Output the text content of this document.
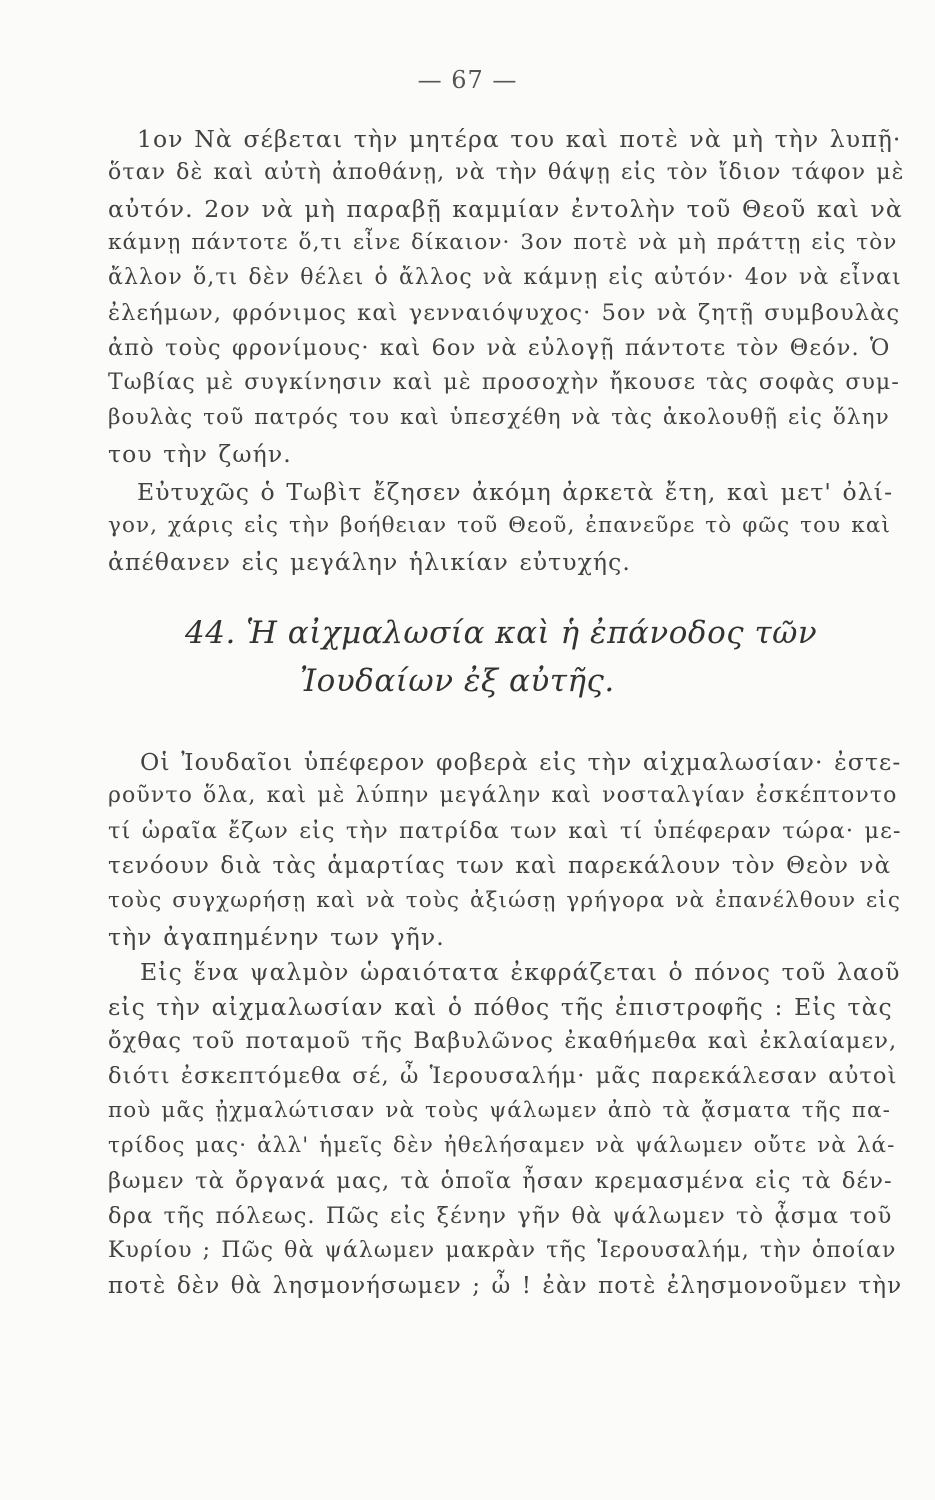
— 67 —
1ον Νὰ σέβεται τὴν μητέρα του καὶ ποτὲ νὰ μὴ τὴν λυπῇ·
ὅταν δὲ καὶ αὐτὴ ἀποθάνῃ, νὰ τὴν θάψῃ εἰς τὸν ἴδιον τάφον μὲ
αὐτόν. 2ον νὰ μὴ παραβῇ καμμίαν ἐντολὴν τοῦ Θεοῦ καὶ νὰ
κάμνῃ πάντοτε ὅ,τι εἶνε δίκαιον· 3ον ποτὲ νὰ μὴ πράττῃ εἰς τὸν
ἄλλον ὅ,τι δὲν θέλει ὁ ἄλλος νὰ κάμνῃ εἰς αὐτόν· 4ον νὰ εἶναι
ἐλεήμων, φρόνιμος καὶ γενναιόψυχος· 5ον νὰ ζητῇ συμβουλὰς
ἀπὸ τοὺς φρονίμους· καὶ 6ον νὰ εὐλογῇ πάντοτε τὸν Θεόν. Ὁ
Τωβίας μὲ συγκίνησιν καὶ μὲ προσοχὴν ἤκουσε τὰς σοφὰς συμ-
βουλὰς τοῦ πατρός του καὶ ὑπεσχέθη νὰ τὰς ἀκολουθῇ εἰς ὅλην
του τὴν ζωήν.
Εὐτυχῶς ὁ Τωβὶτ ἔζησεν ἀκόμη ἀρκετὰ ἔτη, καὶ μετ' ὀλί-
γον, χάρις εἰς τὴν βοήθειαν τοῦ Θεοῦ, ἐπανεῦρε τὸ φῶς του καὶ
ἀπέθανεν εἰς μεγάλην ἡλικίαν εὐτυχής.
44. Ἡ αἰχμαλωσία καὶ ἡ ἐπάνοδος τῶν
Ἰουδαίων ἐξ αὐτῆς.
Οἱ Ἰουδαῖοι ὑπέφερον φοβερὰ εἰς τὴν αἰχμαλωσίαν· ἐστε-
ροῦντο ὅλα, καὶ μὲ λύπην μεγάλην καὶ νοσταλγίαν ἐσκέπτοντο
τί ὡραῖα ἔζων εἰς τὴν πατρίδα των καὶ τί ὑπέφεραν τώρα· με-
τενόουν διὰ τὰς ἁμαρτίας των καὶ παρεκάλουν τὸν Θεὸν νὰ
τοὺς συγχωρήσῃ καὶ νὰ τοὺς ἀξιώσῃ γρήγορα νὰ ἐπανέλθουν εἰς
τὴν ἀγαπημένην των γῆν.
Εἰς ἕνα ψαλμὸν ὡραιότατα ἐκφράζεται ὁ πόνος τοῦ λαοῦ
εἰς τὴν αἰχμαλωσίαν καὶ ὁ πόθος τῆς ἐπιστροφῆς : Εἰς τὰς
ὄχθας τοῦ ποταμοῦ τῆς Βαβυλῶνος ἐκαθήμεθα καὶ ἐκλαίαμεν,
διότι ἐσκεπτόμεθα σέ, ὦ Ἱερουσαλήμ· μᾶς παρεκάλεσαν αὐτοὶ
ποὺ μᾶς ᾐχμαλώτισαν νὰ τοὺς ψάλωμεν ἀπὸ τὰ ᾄσματα τῆς πα-
τρίδος μας· ἀλλ' ἡμεῖς δὲν ἠθελήσαμεν νὰ ψάλωμεν οὔτε νὰ λά-
βωμεν τὰ ὄργανά μας, τὰ ὁποῖα ἦσαν κρεμασμένα εἰς τὰ δέν-
δρα τῆς πόλεως. Πῶς εἰς ξένην γῆν θὰ ψάλωμεν τὸ ᾆσμα τοῦ
Κυρίου ; Πῶς θὰ ψάλωμεν μακρὰν τῆς Ἱερουσαλήμ, τὴν ὁποίαν
ποτὲ δὲν θὰ λησμονήσωμεν ; ὦ ! ἐὰν ποτὲ ἐλησμονοῦμεν τὴν
